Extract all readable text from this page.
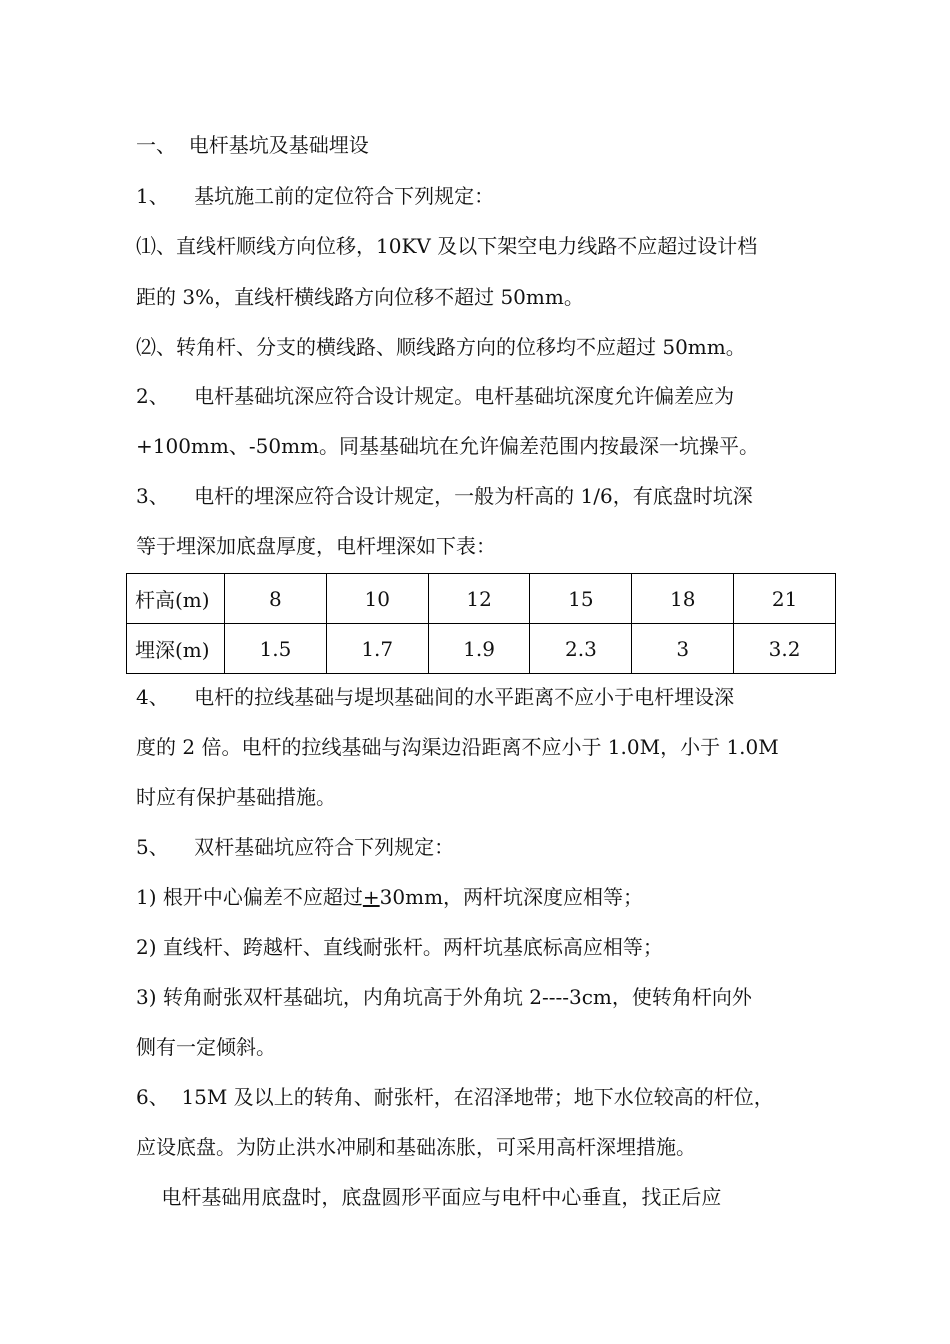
一、  电杆基坑及基础埋设
1、    基坑施工前的定位符合下列规定：
⑴、直线杆顺线方向位移，10KV 及以下架空电力线路不应超过设计档
距的 3%，直线杆横线路方向位移不超过 50mm。
⑵、转角杆、分支的横线路、顺线路方向的位移均不应超过 50mm。
2、    电杆基础坑深应符合设计规定。电杆基础坑深度允许偏差应为
+100mm、-50mm。同基基础坑在允许偏差范围内按最深一坑操平。
3、    电杆的埋深应符合设计规定，一般为杆高的 1/6，有底盘时坑深
等于埋深加底盘厚度，电杆埋深如下表：
杆高(m)	8	10	12	15	18	21
埋深(m)	1.5	1.7	1.9	2.3	3	3.2
4、    电杆的拉线基础与堤坝基础间的水平距离不应小于电杆埋设深
度的 2 倍。电杆的拉线基础与沟渠边沿距离不应小于 1.0M，小于 1.0M
时应有保护基础措施。
5、    双杆基础坑应符合下列规定：
1) 根开中心偏差不应超过+30mm，两杆坑深度应相等；
2) 直线杆、跨越杆、直线耐张杆。两杆坑基底标高应相等；
3) 转角耐张双杆基础坑，内角坑高于外角坑 2----3cm，使转角杆向外
侧有一定倾斜。
6、  15M 及以上的转角、耐张杆，在沼泽地带；地下水位较高的杆位，
应设底盘。为防止洪水冲刷和基础冻胀，可采用高杆深埋措施。
电杆基础用底盘时，底盘圆形平面应与电杆中心垂直，找正后应
